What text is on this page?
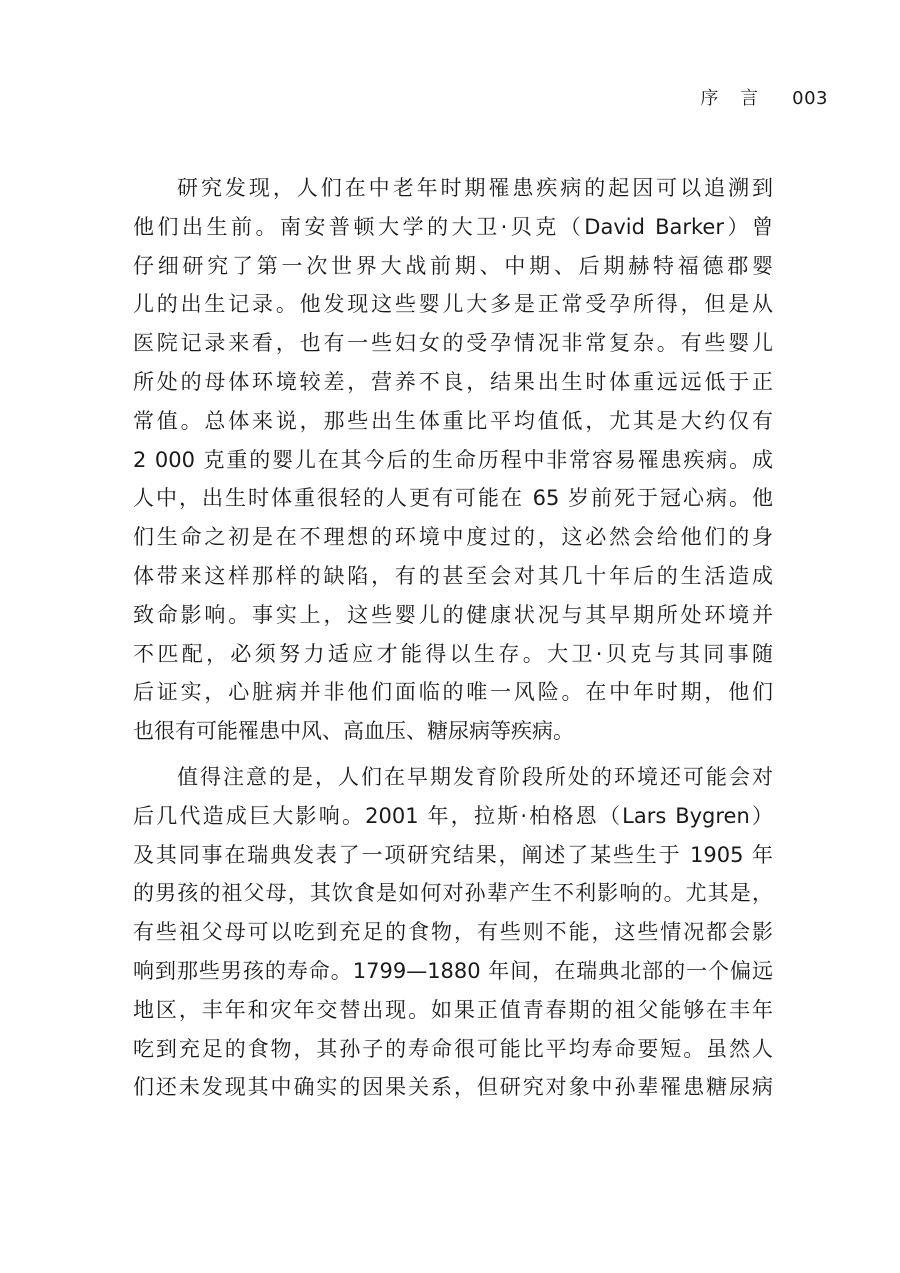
序 言 003
研究发现，人们在中老年时期罹患疾病的起因可以追溯到
他们出生前。南安普顿大学的大卫·贝克（David Barker）曾
仔细研究了第一次世界大战前期、中期、后期赫特福德郡婴
儿的出生记录。他发现这些婴儿大多是正常受孕所得，但是从
医院记录来看，也有一些妇女的受孕情况非常复杂。有些婴儿
所处的母体环境较差，营养不良，结果出生时体重远远低于正
常值。总体来说，那些出生体重比平均值低，尤其是大约仅有
2 000 克重的婴儿在其今后的生命历程中非常容易罹患疾病。成
人中，出生时体重很轻的人更有可能在 65 岁前死于冠心病。他
们生命之初是在不理想的环境中度过的，这必然会给他们的身
体带来这样那样的缺陷，有的甚至会对其几十年后的生活造成
致命影响。事实上，这些婴儿的健康状况与其早期所处环境并
不匹配，必须努力适应才能得以生存。大卫·贝克与其同事随
后证实，心脏病并非他们面临的唯一风险。在中年时期，他们
也很有可能罹患中风、高血压、糖尿病等疾病。
值得注意的是，人们在早期发育阶段所处的环境还可能会对
后几代造成巨大影响。2001 年，拉斯·柏格恩（Lars Bygren）
及其同事在瑞典发表了一项研究结果，阐述了某些生于 1905 年
的男孩的祖父母，其饮食是如何对孙辈产生不利影响的。尤其是，
有些祖父母可以吃到充足的食物，有些则不能，这些情况都会影
响到那些男孩的寿命。1799—1880 年间，在瑞典北部的一个偏远
地区，丰年和灾年交替出现。如果正值青春期的祖父能够在丰年
吃到充足的食物，其孙子的寿命很可能比平均寿命要短。虽然人
们还未发现其中确实的因果关系，但研究对象中孙辈罹患糖尿病
